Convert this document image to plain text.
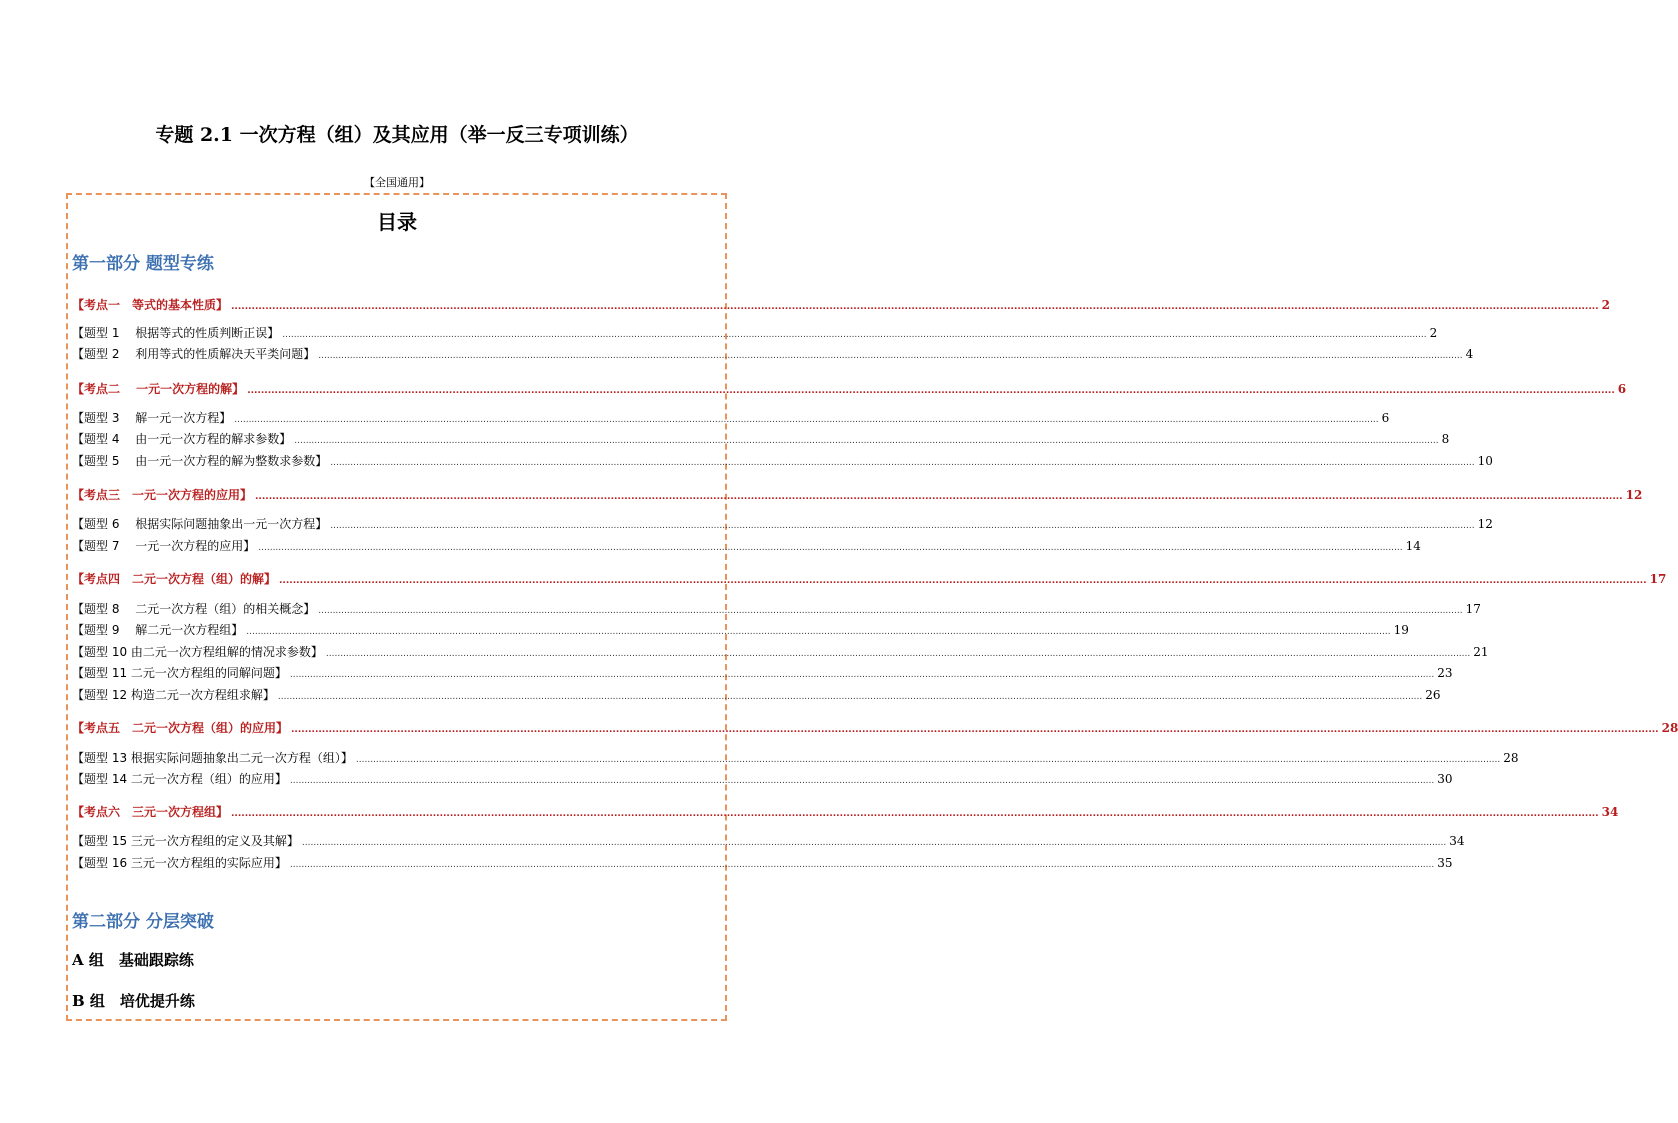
专题 2.1 一次方程（组）及其应用（举一反三专项训练）
【全国通用】
目录
第一部分 题型专练
【考点一　等式的基本性质】 ................................................................................................................................................................................................................................................................................................................................................................................................................ 2
【题型 1　 根据等式的性质判断正误】 ................................................................................................................................................................................................................................................................................................................................................................................................................ 2
【题型 2　 利用等式的性质解决天平类问题】 ................................................................................................................................................................................................................................................................................................................................................................................................................ 4
【考点二　 一元一次方程的解】 ................................................................................................................................................................................................................................................................................................................................................................................................................ 6
【题型 3　 解一元一次方程】 ................................................................................................................................................................................................................................................................................................................................................................................................................ 6
【题型 4　 由一元一次方程的解求参数】 ................................................................................................................................................................................................................................................................................................................................................................................................................ 8
【题型 5　 由一元一次方程的解为整数求参数】 ................................................................................................................................................................................................................................................................................................................................................................................................................ 10
【考点三　一元一次方程的应用】 ................................................................................................................................................................................................................................................................................................................................................................................................................ 12
【题型 6　 根据实际问题抽象出一元一次方程】 ................................................................................................................................................................................................................................................................................................................................................................................................................ 12
【题型 7　 一元一次方程的应用】 ................................................................................................................................................................................................................................................................................................................................................................................................................ 14
【考点四　二元一次方程（组）的解】 ................................................................................................................................................................................................................................................................................................................................................................................................................ 17
【题型 8　 二元一次方程（组）的相关概念】 ................................................................................................................................................................................................................................................................................................................................................................................................................ 17
【题型 9　 解二元一次方程组】 ................................................................................................................................................................................................................................................................................................................................................................................................................ 19
【题型 10 由二元一次方程组解的情况求参数】 ................................................................................................................................................................................................................................................................................................................................................................................................................ 21
【题型 11 二元一次方程组的同解问题】 ................................................................................................................................................................................................................................................................................................................................................................................................................ 23
【题型 12 构造二元一次方程组求解】 ................................................................................................................................................................................................................................................................................................................................................................................................................ 26
【考点五　二元一次方程（组）的应用】 ................................................................................................................................................................................................................................................................................................................................................................................................................ 28
【题型 13 根据实际问题抽象出二元一次方程（组）】 ................................................................................................................................................................................................................................................................................................................................................................................................................ 28
【题型 14 二元一次方程（组）的应用】 ................................................................................................................................................................................................................................................................................................................................................................................................................ 30
【考点六　三元一次方程组】 ................................................................................................................................................................................................................................................................................................................................................................................................................ 34
【题型 15 三元一次方程组的定义及其解】 ................................................................................................................................................................................................................................................................................................................................................................................................................ 34
【题型 16 三元一次方程组的实际应用】 ................................................................................................................................................................................................................................................................................................................................................................................................................ 35
第二部分 分层突破
A 组　基础跟踪练
B 组　培优提升练
